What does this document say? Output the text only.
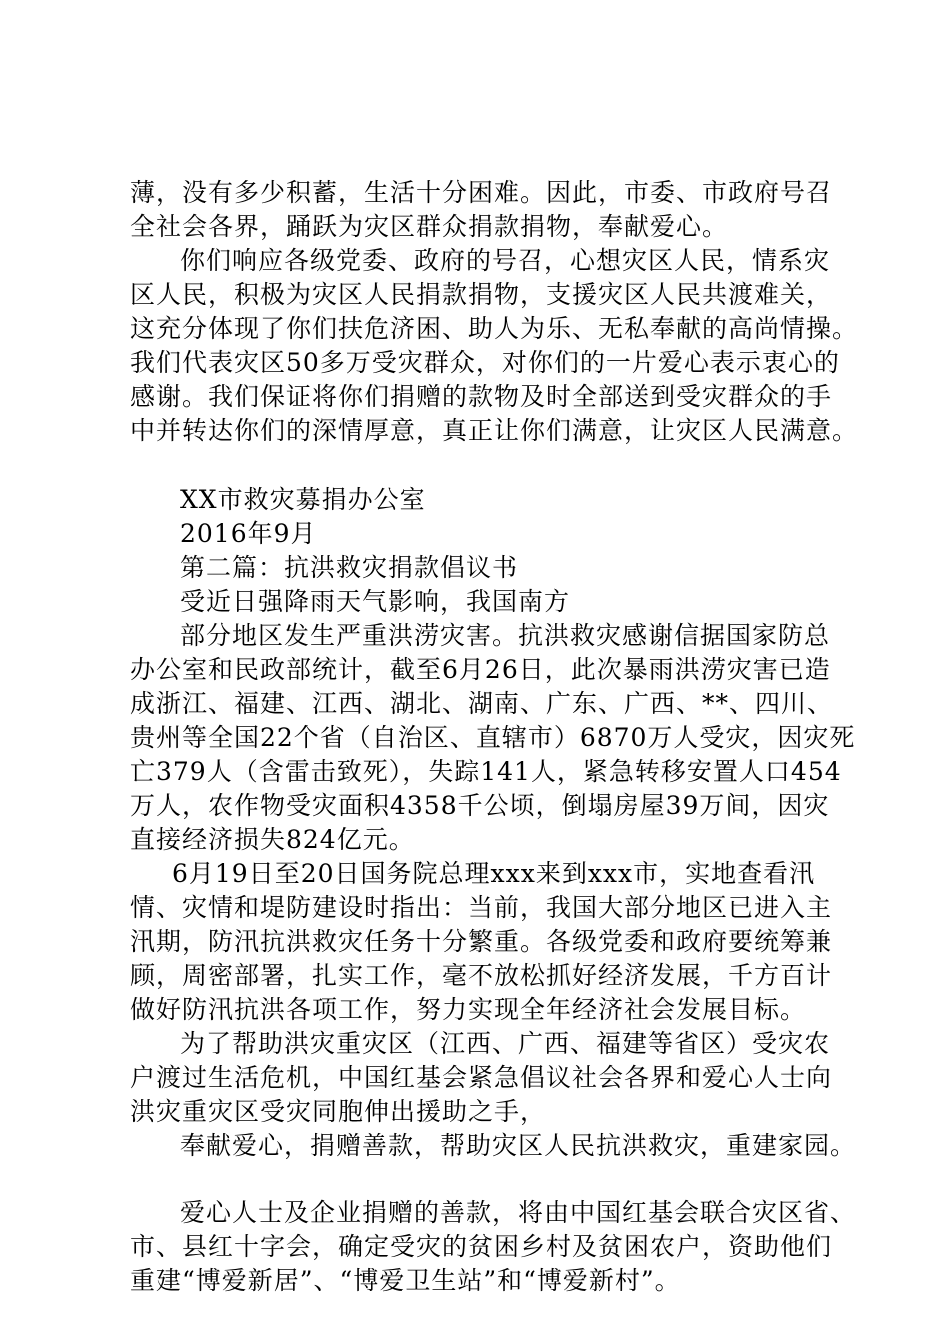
薄，没有多少积蓄，生活十分困难。因此，市委、市政府号召
全社会各界，踊跃为灾区群众捐款捐物，奉献爱心。
你们响应各级党委、政府的号召，心想灾区人民，情系灾
区人民，积极为灾区人民捐款捐物，支援灾区人民共渡难关，
这充分体现了你们扶危济困、助人为乐、无私奉献的高尚情操。
我们代表灾区50多万受灾群众，对你们的一片爱心表示衷心的
感谢。我们保证将你们捐赠的款物及时全部送到受灾群众的手
中并转达你们的深情厚意，真正让你们满意，让灾区人民满意。
XX市救灾募捐办公室
2016年9月
第二篇：抗洪救灾捐款倡议书
受近日强降雨天气影响，我国南方
部分地区发生严重洪涝灾害。抗洪救灾感谢信据国家防总
办公室和民政部统计，截至6月26日，此次暴雨洪涝灾害已造
成浙江、福建、江西、湖北、湖南、广东、广西、**、四川、
贵州等全国22个省（自治区、直辖市）6870万人受灾，因灾死
亡379人（含雷击致死），失踪141人，紧急转移安置人口454
万人，农作物受灾面积4358千公顷，倒塌房屋39万间，因灾
直接经济损失824亿元。
6月19日至20日国务院总理xxx来到xxx市，实地查看汛
情、灾情和堤防建设时指出：当前，我国大部分地区已进入主
汛期，防汛抗洪救灾任务十分繁重。各级党委和政府要统筹兼
顾，周密部署，扎实工作，毫不放松抓好经济发展，千方百计
做好防汛抗洪各项工作，努力实现全年经济社会发展目标。
为了帮助洪灾重灾区（江西、广西、福建等省区）受灾农
户渡过生活危机，中国红基会紧急倡议社会各界和爱心人士向
洪灾重灾区受灾同胞伸出援助之手，
奉献爱心，捐赠善款，帮助灾区人民抗洪救灾，重建家园。
爱心人士及企业捐赠的善款，将由中国红基会联合灾区省、
市、县红十字会，确定受灾的贫困乡村及贫困农户，资助他们
重建“博爱新居”、“博爱卫生站”和“博爱新村”。
